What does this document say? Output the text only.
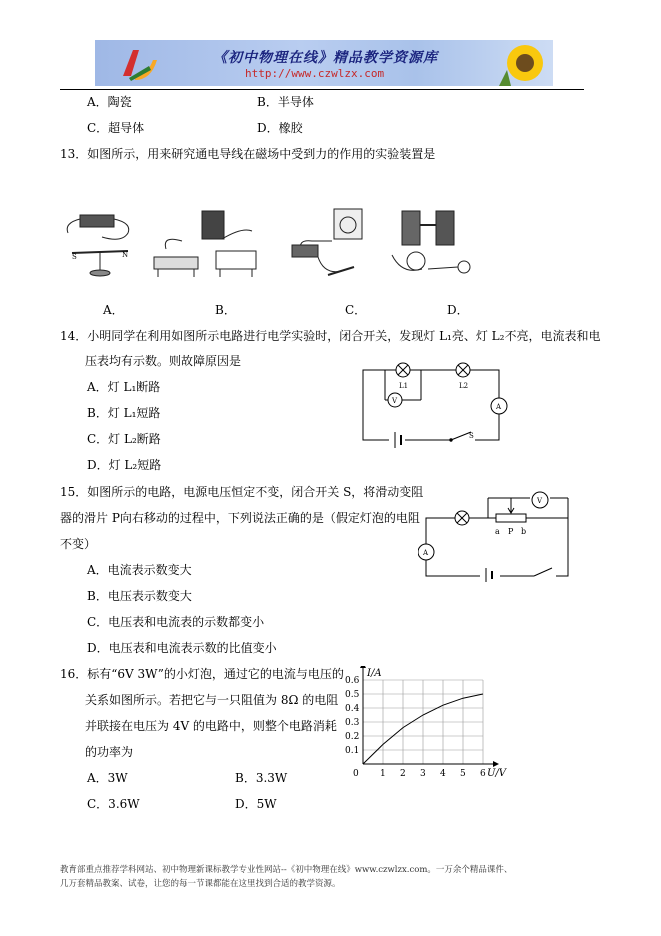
《初中物理在线》精品教学资源库
http://www.czwlzx.com
A．陶瓷	B．半导体
C．超导体	D．橡胶
13．如图所示，用来研究通电导线在磁场中受到力的作用的实验装置是
S	N
A．	B．	C．	D．
14．小明同学在利用如图所示电路进行电学实验时，闭合开关，发现灯 L₁亮、灯 L₂不亮，电流表和电
压表均有示数。则故障原因是
A．灯 L₁断路
B．灯 L₁短路
C．灯 L₂断路
D．灯 L₂短路
L1	L2
V
A
S
15．如图所示的电路，电源电压恒定不变，闭合开关 S，将滑动变阻
器的滑片 P向右移动的过程中，下列说法正确的是（假定灯泡的电阻
不变）
A．电流表示数变大
B．电压表示数变大
C．电压表和电流表的示数都变小
D．电压表和电流表示数的比值变小
a P b
V
A
16．标有“6V 3W”的小灯泡，通过它的电流与电压的
关系如图所示。若把它与一只阻值为 8Ω 的电阻
并联接在电压为 4V 的电路中，则整个电路消耗
的功率为
A．3W	B．3.3W
C．3.6W	D．5W
0 1 2 3 4 5 6
0.1
0.2
0.3
0.4
0.5
0.6
U/V
I/A
教育部重点推荐学科网站、初中物理新课标教学专业性网站--《初中物理在线》www.czwlzx.com。一万余个精品课件、
几万套精品教案、试卷，让您的每一节课都能在这里找到合适的教学资源。
